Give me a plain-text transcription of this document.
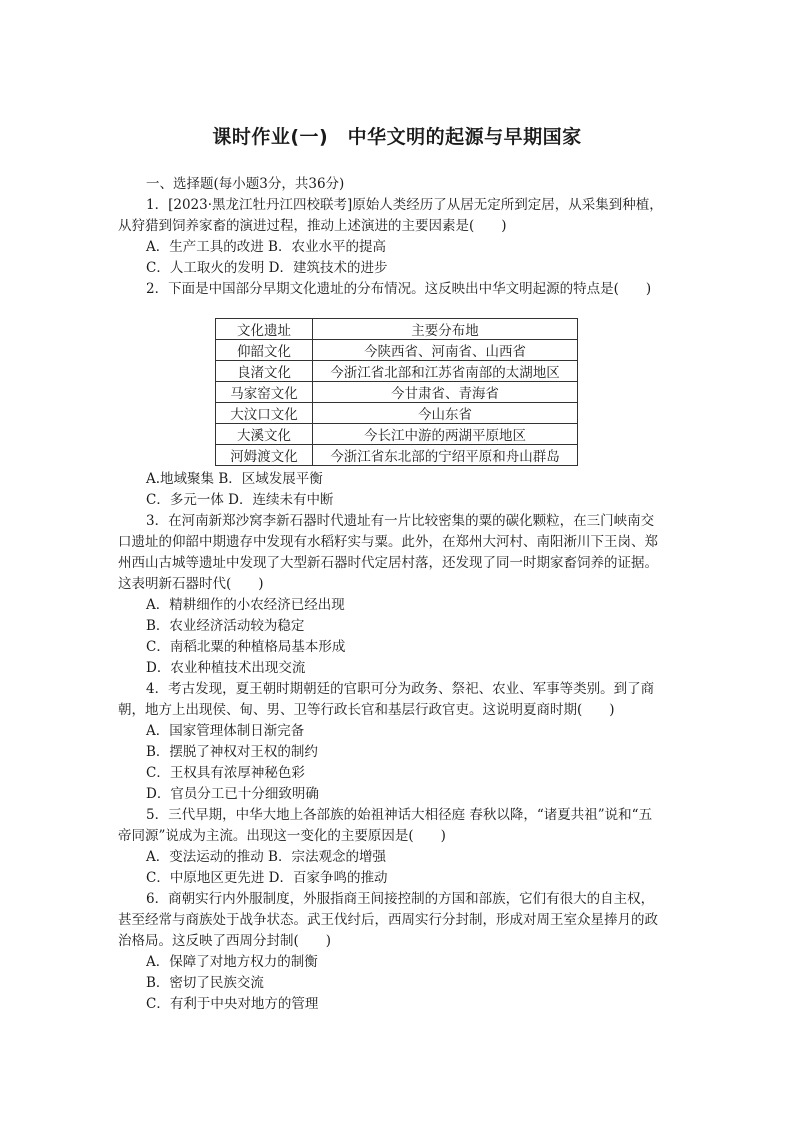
课时作业(一)　中华文明的起源与早期国家
一、选择题(每小题3分，共36分)
1．[2023·黑龙江牡丹江四校联考]原始人类经历了从居无定所到定居，从采集到种植，
从狩猎到饲养家畜的演进过程，推动上述演进的主要因素是(　　)
A．生产工具的改进 B．农业水平的提高
C．人工取火的发明 D．建筑技术的进步
2．下面是中国部分早期文化遗址的分布情况。这反映出中华文明起源的特点是(　　)
文化遗址	主要分布地
仰韶文化	今陕西省、河南省、山西省
良渚文化	今浙江省北部和江苏省南部的太湖地区
马家窑文化	今甘肃省、青海省
大汶口文化	今山东省
大溪文化	今长江中游的两湖平原地区
河姆渡文化	今浙江省东北部的宁绍平原和舟山群岛
A.地域聚集 B．区域发展平衡
C．多元一体 D．连续未有中断
3．在河南新郑沙窝李新石器时代遗址有一片比较密集的粟的碳化颗粒，在三门峡南交
口遗址的仰韶中期遗存中发现有水稻籽实与粟。此外，在郑州大河村、南阳淅川下王岗、郑
州西山古城等遗址中发现了大型新石器时代定居村落，还发现了同一时期家畜饲养的证据。
这表明新石器时代(　　)
A．精耕细作的小农经济已经出现
B．农业经济活动较为稳定
C．南稻北粟的种植格局基本形成
D．农业种植技术出现交流
4．考古发现，夏王朝时期朝廷的官职可分为政务、祭祀、农业、军事等类别。到了商
朝，地方上出现侯、甸、男、卫等行政长官和基层行政官吏。这说明夏商时期(　　)
A．国家管理体制日渐完备
B．摆脱了神权对王权的制约
C．王权具有浓厚神秘色彩
D．官员分工已十分细致明确
5．三代早期，中华大地上各部族的始祖神话大相径庭 春秋以降，“诸夏共祖”说和“五
帝同源”说成为主流。出现这一变化的主要原因是(　　)
A．变法运动的推动 B．宗法观念的增强
C．中原地区更先进 D．百家争鸣的推动
6．商朝实行内外服制度，外服指商王间接控制的方国和部族，它们有很大的自主权，
甚至经常与商族处于战争状态。武王伐纣后，西周实行分封制，形成对周王室众星捧月的政
治格局。这反映了西周分封制(　　)
A．保障了对地方权力的制衡
B．密切了民族交流
C．有利于中央对地方的管理
